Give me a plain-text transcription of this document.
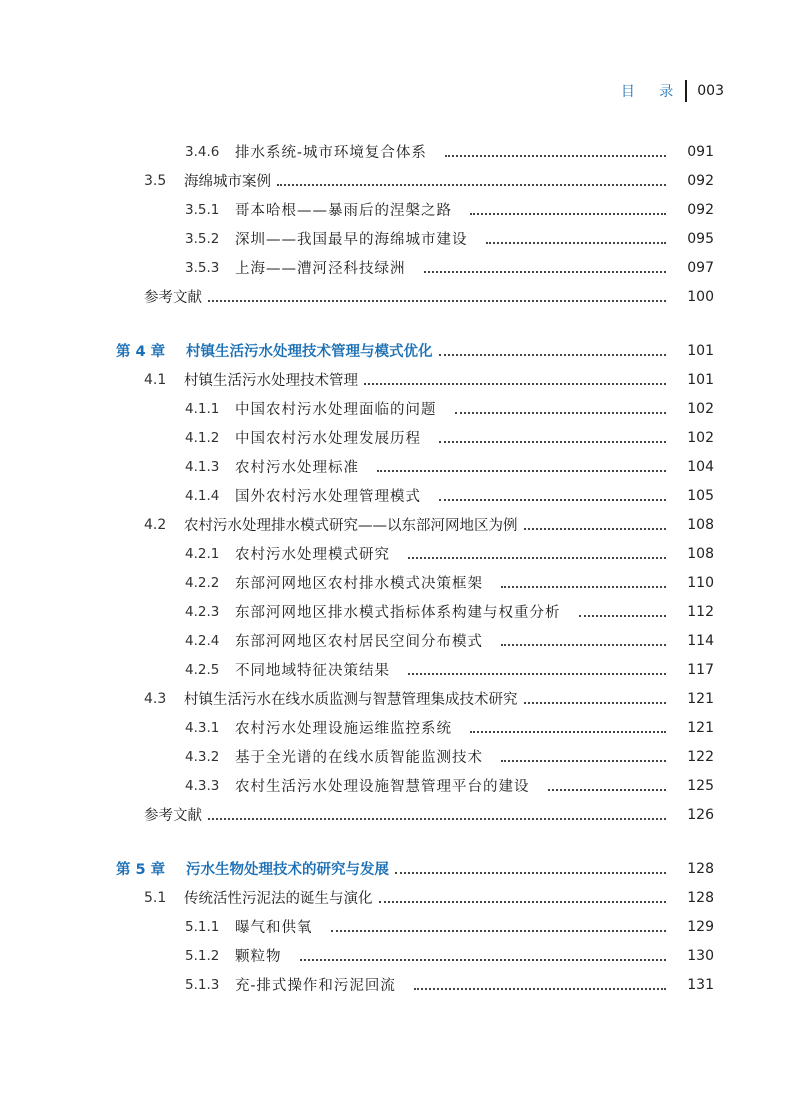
目 录 003
3.4.6	排水系统-城市环境复合体系	091
3.5	海绵城市案例	092
3.5.1	哥本哈根——暴雨后的涅槃之路	092
3.5.2	深圳——我国最早的海绵城市建设	095
3.5.3	上海——漕河泾科技绿洲	097
参考文献	100
第 4 章	村镇生活污水处理技术管理与模式优化	101
4.1	村镇生活污水处理技术管理	101
4.1.1	中国农村污水处理面临的问题	102
4.1.2	中国农村污水处理发展历程	102
4.1.3	农村污水处理标准	104
4.1.4	国外农村污水处理管理模式	105
4.2	农村污水处理排水模式研究——以东部河网地区为例	108
4.2.1	农村污水处理模式研究	108
4.2.2	东部河网地区农村排水模式决策框架	110
4.2.3	东部河网地区排水模式指标体系构建与权重分析	112
4.2.4	东部河网地区农村居民空间分布模式	114
4.2.5	不同地域特征决策结果	117
4.3	村镇生活污水在线水质监测与智慧管理集成技术研究	121
4.3.1	农村污水处理设施运维监控系统	121
4.3.2	基于全光谱的在线水质智能监测技术	122
4.3.3	农村生活污水处理设施智慧管理平台的建设	125
参考文献	126
第 5 章	污水生物处理技术的研究与发展	128
5.1	传统活性污泥法的诞生与演化	128
5.1.1	曝气和供氧	129
5.1.2	颗粒物	130
5.1.3	充-排式操作和污泥回流	131
